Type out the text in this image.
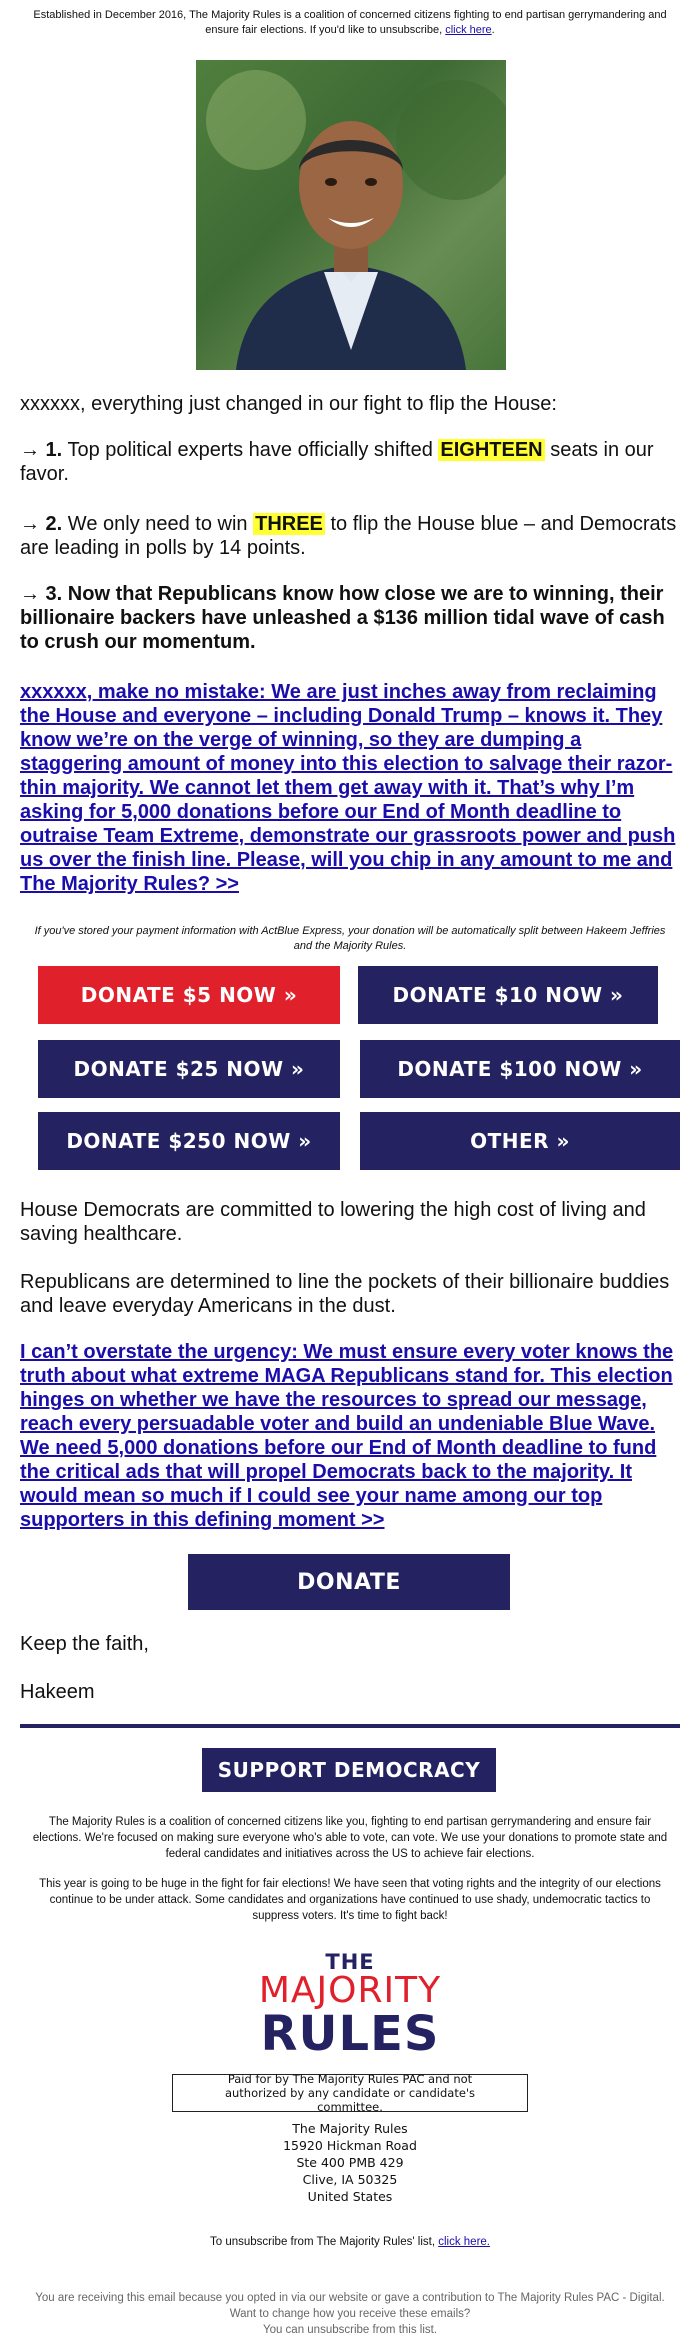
Established in December 2016, The Majority Rules is a coalition of concerned citizens fighting to end partisan gerrymandering and ensure fair elections. If you'd like to unsubscribe, click here.
xxxxxx, everything just changed in our fight to flip the House:
→ 1. Top political experts have officially shifted EIGHTEEN seats in our favor.
→ 2. We only need to win THREE to flip the House blue – and Democrats are leading in polls by 14 points.
→ 3. Now that Republicans know how close we are to winning, their billionaire backers have unleashed a $136 million tidal wave of cash to crush our momentum.
xxxxxx, make no mistake: We are just inches away from reclaiming the House and everyone – including Donald Trump – knows it. They know we’re on the verge of winning, so they are dumping a staggering amount of money into this election to salvage their razor-thin majority. We cannot let them get away with it. That’s why I’m asking for 5,000 donations before our End of Month deadline to outraise Team Extreme, demonstrate our grassroots power and push us over the finish line. Please, will you chip in any amount to me and The Majority Rules? >>
If you've stored your payment information with ActBlue Express, your donation will be automatically split between Hakeem Jeffries and the Majority Rules.
DONATE $5 NOW »	DONATE $10 NOW »
DONATE $25 NOW »	DONATE $100 NOW »
DONATE $250 NOW »	OTHER »
House Democrats are committed to lowering the high cost of living and saving healthcare.
Republicans are determined to line the pockets of their billionaire buddies and leave everyday Americans in the dust.
I can’t overstate the urgency: We must ensure every voter knows the truth about what extreme MAGA Republicans stand for. This election hinges on whether we have the resources to spread our message, reach every persuadable voter and build an undeniable Blue Wave. We need 5,000 donations before our End of Month deadline to fund the critical ads that will propel Democrats back to the majority. It would mean so much if I could see your name among our top supporters in this defining moment >>
DONATE
Keep the faith,
Hakeem
SUPPORT DEMOCRACY
The Majority Rules is a coalition of concerned citizens like you, fighting to end partisan gerrymandering and ensure fair elections. We're focused on making sure everyone who's able to vote, can vote. We use your donations to promote state and federal candidates and initiatives across the US to achieve fair elections.
This year is going to be huge in the fight for fair elections! We have seen that voting rights and the integrity of our elections continue to be under attack. Some candidates and organizations have continued to use shady, undemocratic tactics to suppress voters. It's time to fight back!
THE
MAJORITY
RULES
Paid for by The Majority Rules PAC and not authorized by any candidate or candidate's committee.
The Majority Rules
15920 Hickman Road
Ste 400 PMB 429
Clive, IA 50325
United States
To unsubscribe from The Majority Rules' list, click here.
You are receiving this email because you opted in via our website or gave a contribution to The Majority Rules PAC - Digital.
Want to change how you receive these emails?
You can unsubscribe from this list.
